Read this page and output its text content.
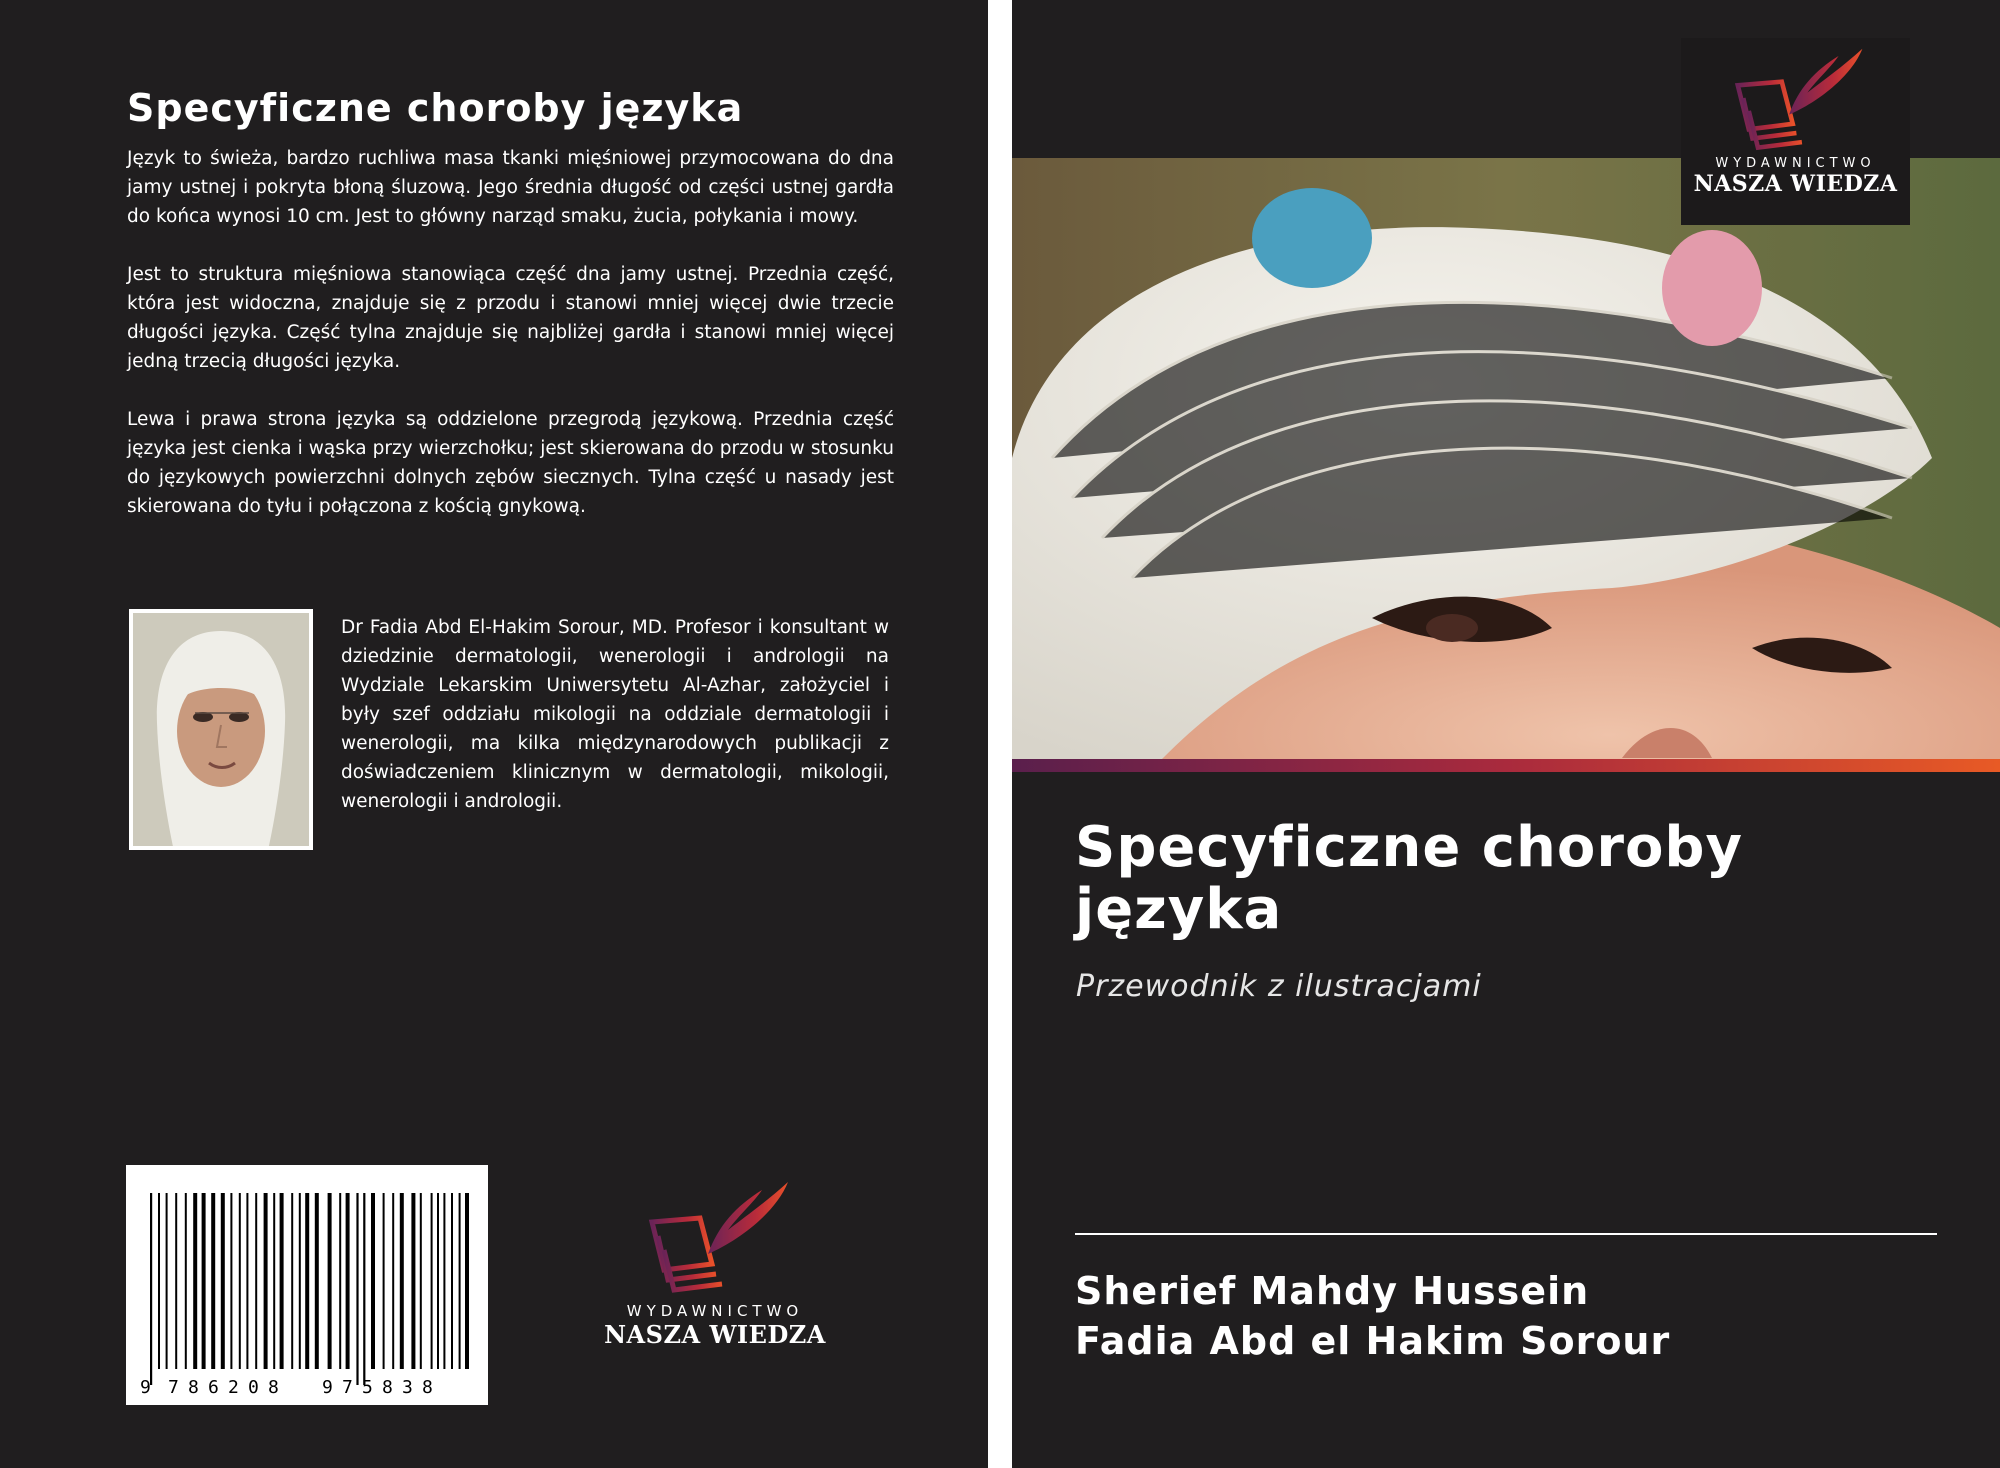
Specyficzne choroby języka

Język to świeża, bardzo ruchliwa masa tkanki mięśniowej przymocowana do dna jamy ustnej i pokryta błoną śluzową. Jego średnia długość od części ustnej gardła do końca wynosi 10 cm. Jest to główny narząd smaku, żucia, połykania i mowy.

Jest to struktura mięśniowa stanowiąca część dna jamy ustnej. Przednia część, która jest widoczna, znajduje się z przodu i stanowi mniej więcej dwie trzecie długości języka. Część tylna znajduje się najbliżej gardła i stanowi mniej więcej jedną trzecią długości języka.

Lewa i prawa strona języka są oddzielone przegrodą językową. Przednia część języka jest cienka i wąska przy wierzchołku; jest skierowana do przodu w stosunku do językowych powierzchni dolnych zębów siecznych. Tylna część u nasady jest skierowana do tyłu i połączona z kością gnykową.

Dr Fadia Abd El-Hakim Sorour, MD. Profesor i konsultant w dziedzinie dermatologii, wenerologii i andrologii na Wydziale Lekarskim Uniwersytetu Al-Azhar, założyciel i były szef oddziału mikologii na oddziale dermatologii i wenerologii, ma kilka międzynarodowych publikacji z doświadczeniem klinicznym w dermatologii, mikologii, wenerologii i andrologii.

9 7 8 6 2 0 8 9 7 5 8 3 8
WYDAWNICTWO
NASZA WIEDZA
WYDAWNICTWO
NASZA WIEDZA
Specyficzne choroby języka
Przewodnik z ilustracjami
Sherief Mahdy Hussein
Fadia Abd el Hakim Sorour
